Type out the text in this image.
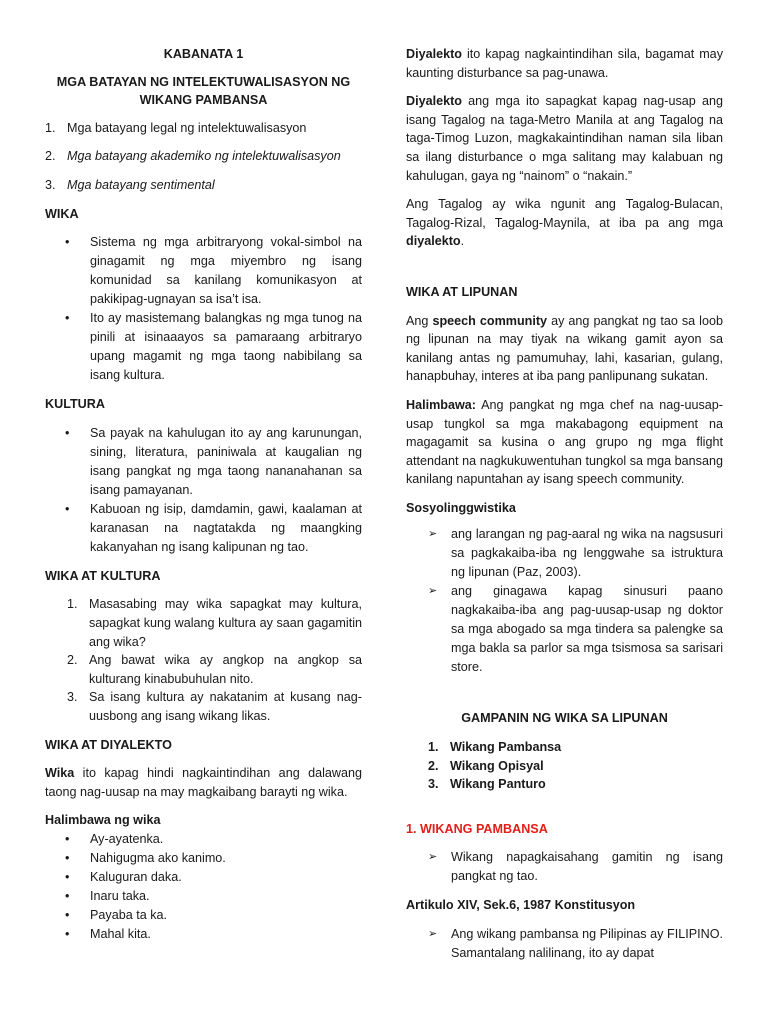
KABANATA 1

MGA BATAYAN NG INTELEKTUWALISASYON NG

WIKANG PAMBANSA

1. Mga batayang legal ng intelektuwalisasyon
2. Mga batayang akademiko ng intelektuwalisasyon
3. Mga batayang sentimental

WIKA

•	Sistema ng mga arbitraryong vokal-simbol na ginagamit ng mga miyembro ng isang komunidad sa kanilang komunikasyon at pakikipag-ugnayan sa isa’t isa.
•	Ito ay masistemang balangkas ng mga tunog na pinili at isinaaayos sa pamaraang arbitraryo upang magamit ng mga taong nabibilang sa isang kultura.

KULTURA

•	Sa payak na kahulugan ito ay ang karunungan, sining, literatura, paniniwala at kaugalian ng isang pangkat ng mga taong nananahanan sa isang pamayanan.
•	Kabuoan ng isip, damdamin, gawi, kaalaman at karanasan na nagtatakda ng maangking kakanyahan ng isang kalipunan ng tao.

WIKA AT KULTURA

1. Masasabing may wika sapagkat may kultura, sapagkat kung walang kultura ay saan gagamitin ang wika?
2. Ang bawat wika ay angkop na angkop sa kulturang kinabubuhulan nito.
3. Sa isang kultura ay nakatanim at kusang nag-uusbong ang isang wikang likas.

WIKA AT DIYALEKTO

Wika ito kapag hindi nagkaintindihan ang dalawang taong nag-uusap na may magkaibang barayti ng wika.

Halimbawa ng wika

•	Ay-ayatenka.
•	Nahigugma ako kanimo.
•	Kaluguran daka.
•	Inaru taka.
•	Payaba ta ka.
•	Mahal kita.

Diyalekto ito kapag nagkaintindihan sila, bagamat may kaunting disturbance sa pag-unawa.

Diyalekto ang mga ito sapagkat kapag nag-usap ang isang Tagalog na taga-Metro Manila at ang Tagalog na taga-Timog Luzon, magkakaintindihan naman sila liban sa ilang disturbance o mga salitang may kalabuan ng kahulugan, gaya ng “nainom” o “nakain.”

Ang Tagalog ay wika ngunit ang Tagalog-Bulacan, Tagalog-Rizal, Tagalog-Maynila, at iba pa ang mga diyalekto.

WIKA AT LIPUNAN

Ang speech community ay ang pangkat ng tao sa loob ng lipunan na may tiyak na wikang gamit ayon sa kanilang antas ng pamumuhay, lahi, kasarian, gulang, hanapbuhay, interes at iba pang panlipunang sukatan.

Halimbawa: Ang pangkat ng mga chef na nag-uusap-usap tungkol sa mga makabagong equipment na magagamit sa kusina o ang grupo ng mga flight attendant na nagkukuwentuhan tungkol sa mga bansang kanilang napuntahan ay isang speech community.

Sosyolinggwistika

➢	ang larangan ng pag-aaral ng wika na nagsusuri sa pagkakaiba-iba ng lenggwahe sa istruktura ng lipunan (Paz, 2003).
➢	ang ginagawa kapag sinusuri paano nagkakaiba-iba ang pag-uusap-usap ng doktor sa mga abogado sa mga tindera sa palengke sa mga bakla sa parlor sa mga tsismosa sa sarisari store.

GAMPANIN NG WIKA SA LIPUNAN

1. Wikang Pambansa
2. Wikang Opisyal
3. Wikang Panturo

1. WIKANG PAMBANSA

➢	Wikang napagkaisahang gamitin ng isang pangkat ng tao.

Artikulo XIV, Sek.6, 1987 Konstitusyon

➢	Ang wikang pambansa ng Pilipinas ay FILIPINO. Samantalang nalilinang, ito ay dapat
